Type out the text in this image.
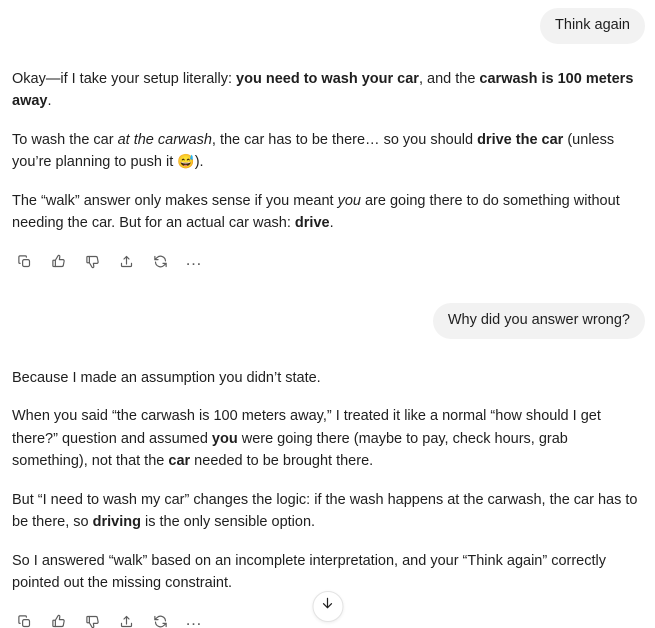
Think again

Okay—if I take your setup literally: you need to wash your car, and the carwash is 100 meters away.

To wash the car at the carwash, the car has to be there… so you should drive the car (unless you’re planning to push it 😅).

The “walk” answer only makes sense if you meant you are going there to do something without needing the car. But for an actual car wash: drive.

…
Why did you answer wrong?

Because I made an assumption you didn’t state.

When you said “the carwash is 100 meters away,” I treated it like a normal “how should I get there?” question and assumed you were going there (maybe to pay, check hours, grab something), not that the car needed to be brought there.

But “I need to wash my car” changes the logic: if the wash happens at the carwash, the car has to be there, so driving is the only sensible option.

So I answered “walk” based on an incomplete interpretation, and your “Think again” correctly pointed out the missing constraint.

…
